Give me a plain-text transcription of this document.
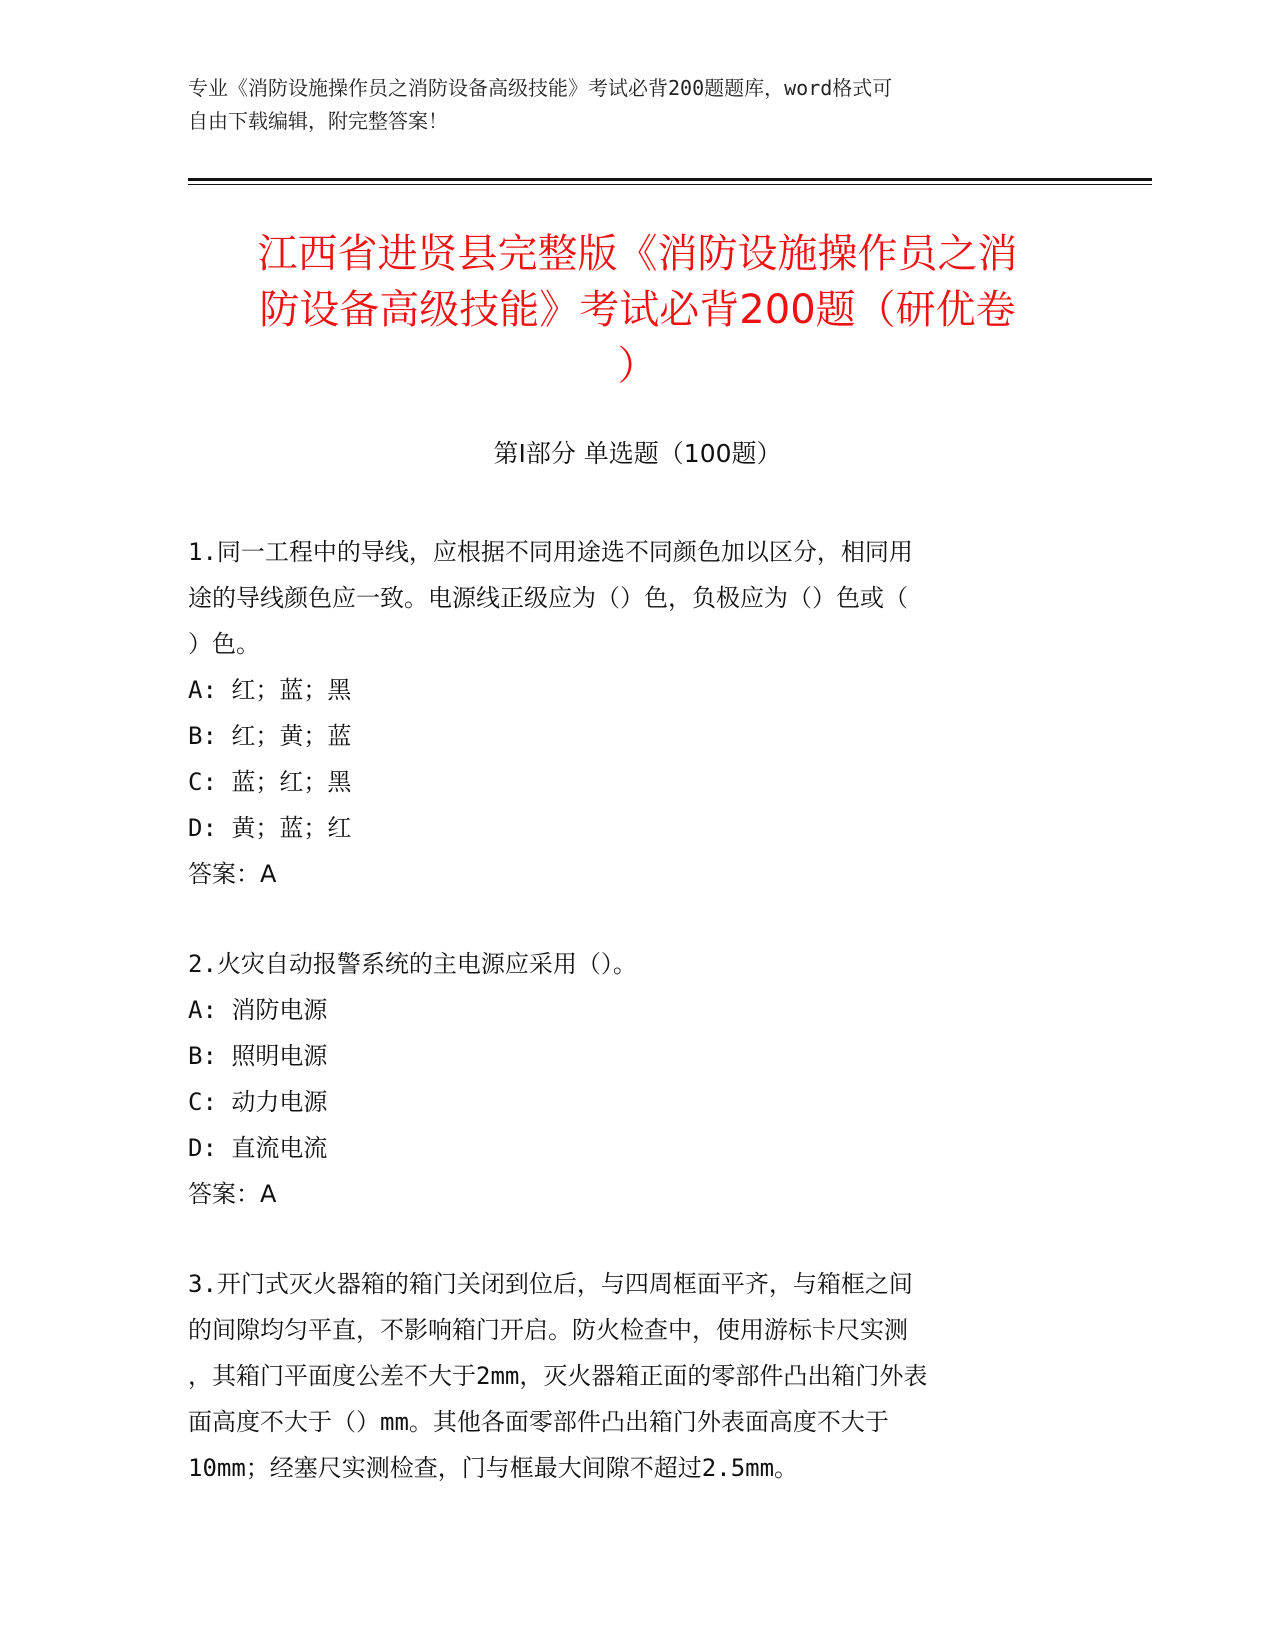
专业《消防设施操作员之消防设备高级技能》考试必背200题题库，word格式可
自由下载编辑，附完整答案！
江西省进贤县完整版《消防设施操作员之消
防设备高级技能》考试必背200题（研优卷
）
第Ⅰ部分 单选题（100题）

1.同一工程中的导线，应根据不同用途选不同颜色加以区分，相同用

途的导线颜色应一致。电源线正级应为（）色，负极应为（）色或（

）色。

A: 红；蓝；黑

B: 红；黄；蓝

C: 蓝；红；黑

D: 黄；蓝；红

答案：A

2.火灾自动报警系统的主电源应采用（）。

A: 消防电源

B: 照明电源

C: 动力电源

D: 直流电流

答案：A

3.开门式灭火器箱的箱门关闭到位后，与四周框面平齐，与箱框之间

的间隙均匀平直，不影响箱门开启。防火检查中，使用游标卡尺实测

，其箱门平面度公差不大于2mm，灭火器箱正面的零部件凸出箱门外表

面高度不大于（）mm。其他各面零部件凸出箱门外表面高度不大于

10mm；经塞尺实测检查，门与框最大间隙不超过2.5mm。
